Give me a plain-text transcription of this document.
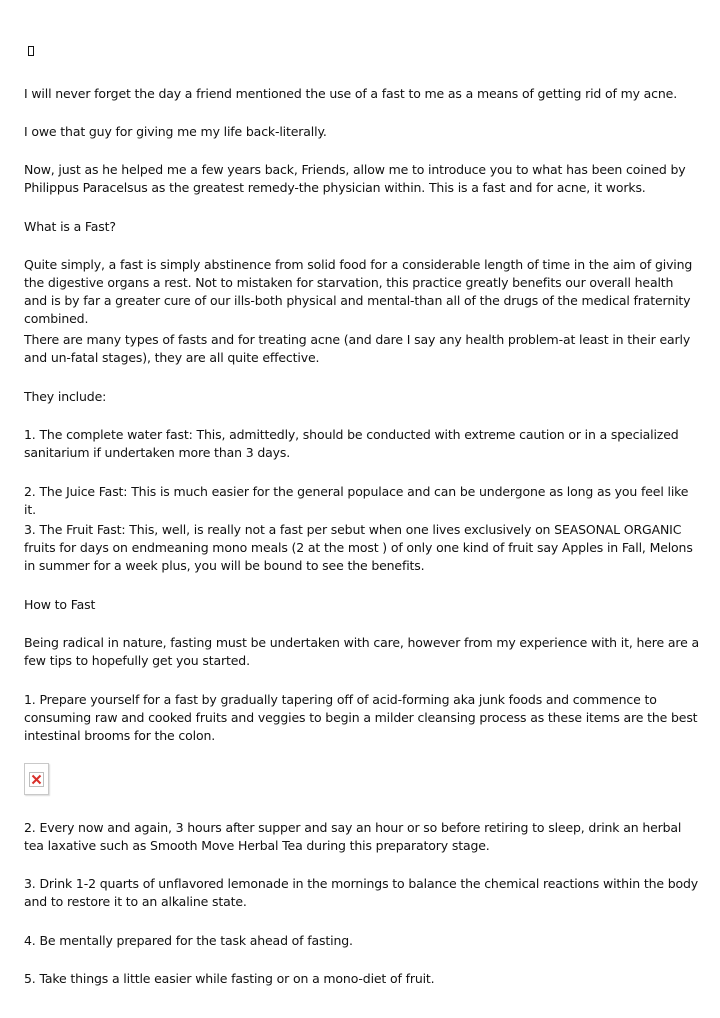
I will never forget the day a friend mentioned the use of a fast to me as a means of getting rid of my acne.

I owe that guy for giving me my life back-literally.

Now, just as he helped me a few years back, Friends, allow me to introduce you to what has been coined by Philippus Paracelsus as the greatest remedy-the physician within. This is a fast and for acne, it works.

What is a Fast?

Quite simply, a fast is simply abstinence from solid food for a considerable length of time in the aim of giving the digestive organs a rest. Not to mistaken for starvation, this practice greatly benefits our overall health and is by far a greater cure of our ills-both physical and mental-than all of the drugs of the medical fraternity combined.

There are many types of fasts and for treating acne (and dare I say any health problem-at least in their early and un-fatal stages), they are all quite effective.

They include:

1. The complete water fast: This, admittedly, should be conducted with extreme caution or in a specialized sanitarium if undertaken more than 3 days.

2. The Juice Fast: This is much easier for the general populace and can be undergone as long as you feel like it.

3. The Fruit Fast: This, well, is really not a fast per sebut when one lives exclusively on SEASONAL ORGANIC fruits for days on endmeaning mono meals (2 at the most ) of only one kind of fruit say Apples in Fall, Melons in summer for a week plus, you will be bound to see the benefits.

How to Fast

Being radical in nature, fasting must be undertaken with care, however from my experience with it, here are a few tips to hopefully get you started.

1. Prepare yourself for a fast by gradually tapering off of acid-forming aka junk foods and commence to consuming raw and cooked fruits and veggies to begin a milder cleansing process as these items are the best intestinal brooms for the colon.

2. Every now and again, 3 hours after supper and say an hour or so before retiring to sleep, drink an herbal tea laxative such as Smooth Move Herbal Tea during this preparatory stage.

3. Drink 1-2 quarts of unflavored lemonade in the mornings to balance the chemical reactions within the body and to restore it to an alkaline state.

4. Be mentally prepared for the task ahead of fasting.

5. Take things a little easier while fasting or on a mono-diet of fruit.
